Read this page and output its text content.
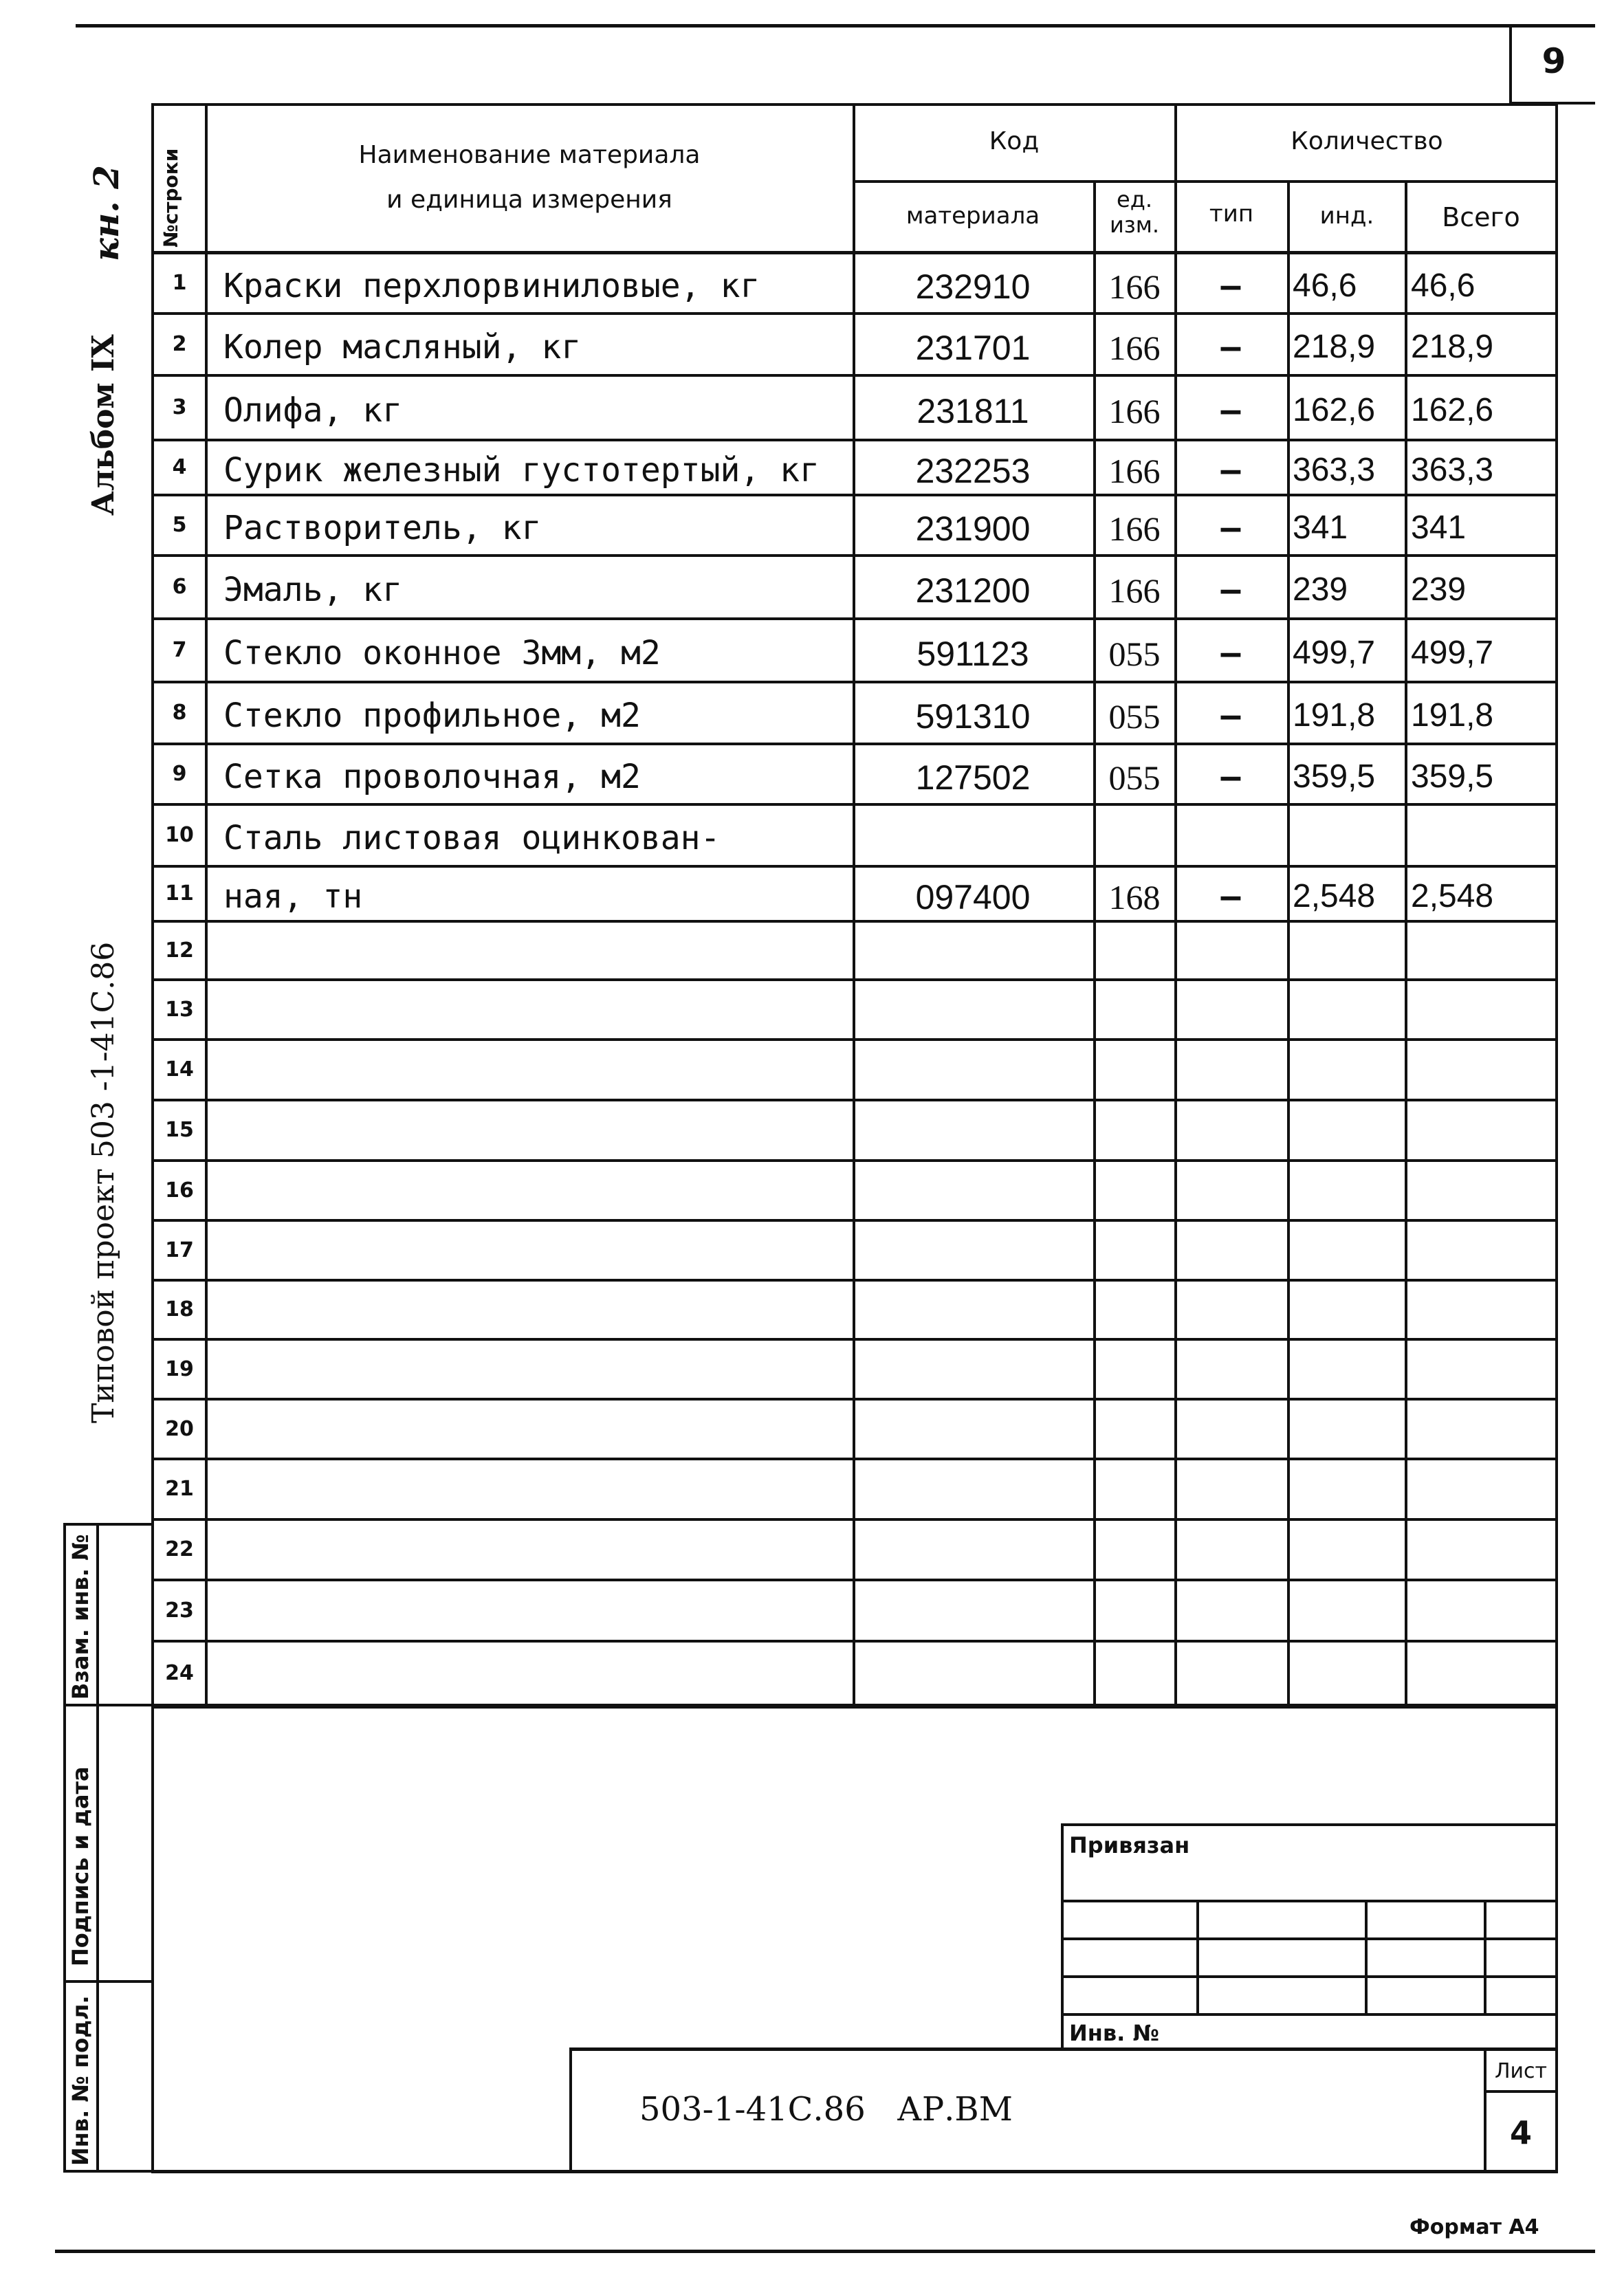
9
Альбом IX
кн. 2
Типовой проект 503 -1-41С.86
Взам. инв. №
Подпись и дата
Инв. № подл.
№строки	Наименование материала
и единица измерения
Код	Количество
материала
ед. изм.	тип	инд.	Всего
1	Краски перхлорвиниловые, кг	232910	166	–	46,6	46,6
2	Колер масляный, кг	231701	166	–	218,9	218,9
3	Олифа, кг	231811	166	–	162,6	162,6
4	Сурик железный густотертый, кг	232253	166	–	363,3	363,3
5	Растворитель, кг	231900	166	–	341	341
6	Эмаль, кг	231200	166	–	239	239
7	Стекло оконное 3мм, м2	591123	055	–	499,7	499,7
8	Стекло профильное, м2	591310	055	–	191,8	191,8
9	Сетка проволочная, м2	127502	055	–	359,5	359,5
10 Сталь листовая оцинкован-
11 ная, тн	097400	168	–	2,548	2,548
12
13
14
15
16
17
18
19
20
21
22
23
24
Привязан
Инв. №
503-1-41С.86   АР.ВМ
Лист
4
Формат А4
